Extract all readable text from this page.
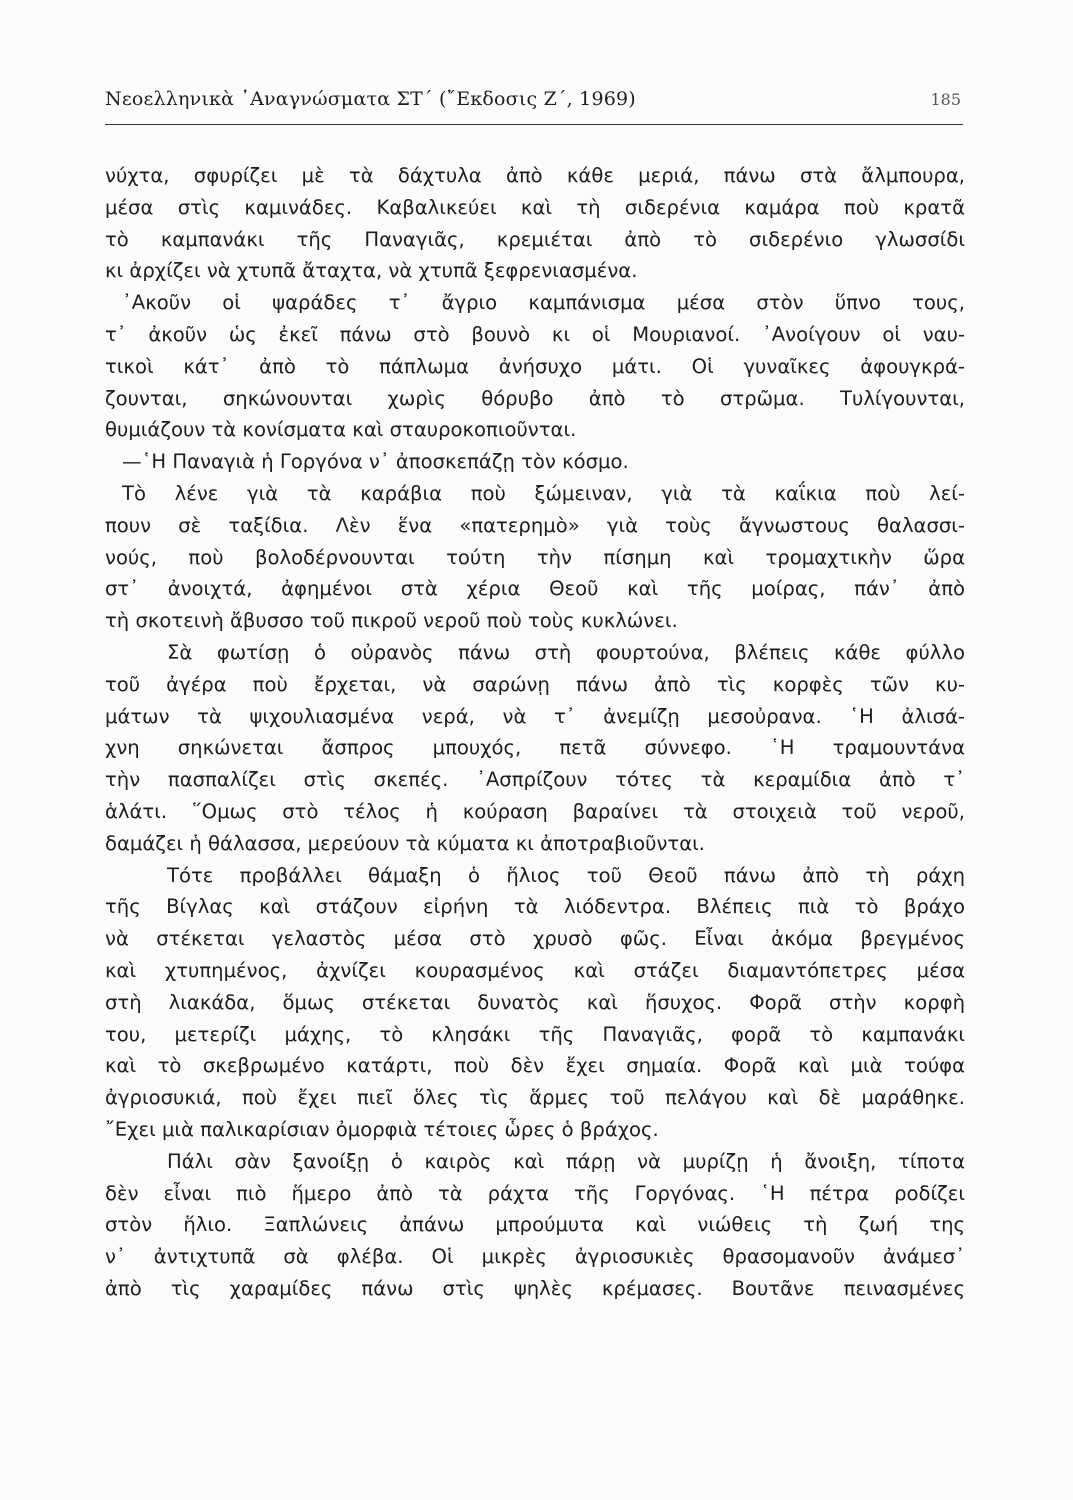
Νεοελληνικὰ ᾿Αναγνώσματα ΣΤ΄ (῎Εκδοσις Ζ΄, 1969)	185
νύχτα, σφυρίζει μὲ τὰ δάχτυλα ἀπὸ κάθε μεριά, πάνω στὰ ἄλμπουρα,
μέσα στὶς καμινάδες. Καβαλικεύει καὶ τὴ σιδερένια καμάρα ποὺ κρατᾶ
τὸ καμπανάκι τῆς Παναγιᾶς, κρεμιέται ἀπὸ τὸ σιδερένιο γλωσσίδι
κι ἀρχίζει νὰ χτυπᾶ ἄταχτα, νὰ χτυπᾶ ξεφρενιασμένα.
᾿Ακοῦν οἱ ψαράδες τ᾿ ἄγριο καμπάνισμα μέσα στὸν ὕπνο τους,
τ᾿ ἀκοῦν ὡς ἐκεῖ πάνω στὸ βουνὸ κι οἱ Μουριανοί. ᾿Ανοίγουν οἱ ναυ-
τικοὶ κάτ᾿ ἀπὸ τὸ πάπλωμα ἀνήσυχο μάτι. Οἱ γυναῖκες ἀφουγκρά-
ζουνται, σηκώνουνται χωρὶς θόρυβο ἀπὸ τὸ στρῶμα. Τυλίγουνται,
θυμιάζουν τὰ κονίσματα καὶ σταυροκοπιοῦνται.
—῾Η Παναγιὰ ἡ Γοργόνα ν᾿ ἀποσκεπάζῃ τὸν κόσμο.
Τὸ λένε γιὰ τὰ καράβια ποὺ ξώμειναν, γιὰ τὰ καΐκια ποὺ λεί-
πουν σὲ ταξίδια. Λὲν ἕνα «πατερημὸ» γιὰ τοὺς ἄγνωστους θαλασσι-
νούς, ποὺ βολοδέρνουνται τούτη τὴν πίσημη καὶ τρομαχτικὴν ὥρα
στ᾿ ἀνοιχτά, ἀφημένοι στὰ χέρια Θεοῦ καὶ τῆς μοίρας, πάν᾿ ἀπὸ
τὴ σκοτεινὴ ἄβυσσο τοῦ πικροῦ νεροῦ ποὺ τοὺς κυκλώνει.
Σὰ φωτίσῃ ὁ οὐρανὸς πάνω στὴ φουρτούνα, βλέπεις κάθε φύλλο
τοῦ ἀγέρα ποὺ ἔρχεται, νὰ σαρώνῃ πάνω ἀπὸ τὶς κορφὲς τῶν κυ-
μάτων τὰ ψιχουλιασμένα νερά, νὰ τ᾿ ἀνεμίζῃ μεσοὐρανα. ῾Η ἀλισά-
χνη σηκώνεται ἄσπρος μπουχός, πετᾶ σύννεφο. ῾Η τραμουντάνα
τὴν πασπαλίζει στὶς σκεπές. ᾿Ασπρίζουν τότες τὰ κεραμίδια ἀπὸ τ᾿
ἁλάτι. ῞Ομως στὸ τέλος ἡ κούραση βαραίνει τὰ στοιχειὰ τοῦ νεροῦ,
δαμάζει ἡ θάλασσα, μερεύουν τὰ κύματα κι ἀποτραβιοῦνται.
Τότε προβάλλει θάμαξη ὁ ἥλιος τοῦ Θεοῦ πάνω ἀπὸ τὴ ράχη
τῆς Βίγλας καὶ στάζουν εἰρήνη τὰ λιόδεντρα. Βλέπεις πιὰ τὸ βράχο
νὰ στέκεται γελαστὸς μέσα στὸ χρυσὸ φῶς. Εἶναι ἀκόμα βρεγμένος
καὶ χτυπημένος, ἀχνίζει κουρασμένος καὶ στάζει διαμαντόπετρες μέσα
στὴ λιακάδα, ὅμως στέκεται δυνατὸς καὶ ἥσυχος. Φορᾶ στὴν κορφὴ
του, μετερίζι μάχης, τὸ κλησάκι τῆς Παναγιᾶς, φορᾶ τὸ καμπανάκι
καὶ τὸ σκεβρωμένο κατάρτι, ποὺ δὲν ἔχει σημαία. Φορᾶ καὶ μιὰ τούφα
ἀγριοσυκιά, ποὺ ἔχει πιεῖ ὅλες τὶς ἅρμες τοῦ πελάγου καὶ δὲ μαράθηκε.
῎Εχει μιὰ παλικαρίσιαν ὀμορφιὰ τέτοιες ὧρες ὁ βράχος.
Πάλι σὰν ξανοίξῃ ὁ καιρὸς καὶ πάρῃ νὰ μυρίζῃ ἡ ἄνοιξη, τίποτα
δὲν εἶναι πιὸ ἥμερο ἀπὸ τὰ ράχτα τῆς Γοργόνας. ῾Η πέτρα ροδίζει
στὸν ἥλιο. Ξαπλώνεις ἀπάνω μπρούμυτα καὶ νιώθεις τὴ ζωή της
ν᾿ ἀντιχτυπᾶ σὰ φλέβα. Οἱ μικρὲς ἀγριοσυκιὲς θρασομανοῦν ἀνάμεσ᾿
ἀπὸ τὶς χαραμίδες πάνω στὶς ψηλὲς κρέμασες. Βουτᾶνε πεινασμένες
